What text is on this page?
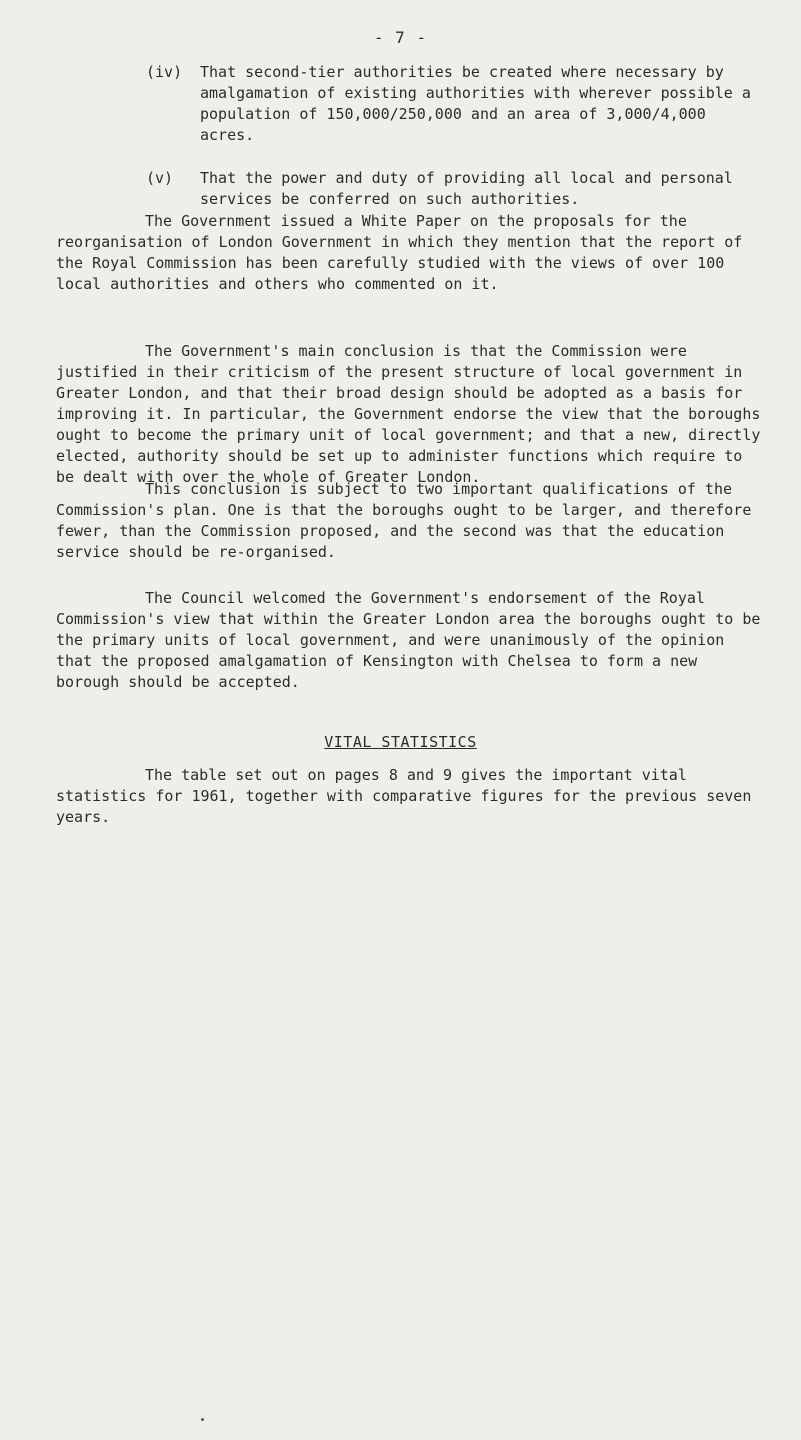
- 7 -
(iv)	That second-tier authorities be created where necessary by amalgamation of existing authorities with wherever possible a population of 150,000/250,000 and an area of 3,000/4,000 acres.
(v)	That the power and duty of providing all local and personal services be conferred on such authorities.

The Government issued a White Paper on the proposals for the reorganisation of London Government in which they mention that the report of the Royal Commission has been carefully studied with the views of over 100 local authorities and others who commented on it.

The Government's main conclusion is that the Commission were justified in their criticism of the present structure of local government in Greater London, and that their broad design should be adopted as a basis for improving it. In particular, the Government endorse the view that the boroughs ought to become the primary unit of local government; and that a new, directly elected, authority should be set up to administer functions which require to be dealt with over the whole of Greater London.

This conclusion is subject to two important qualifications of the Commission's plan. One is that the boroughs ought to be larger, and therefore fewer, than the Commission proposed, and the second was that the education service should be re-organised.

The Council welcomed the Government's endorsement of the Royal Commission's view that within the Greater London area the boroughs ought to be the primary units of local government, and were unanimously of the opinion that the proposed amalgamation of Kensington with Chelsea to form a new borough should be accepted.

VITAL STATISTICS

The table set out on pages 8 and 9 gives the important vital statistics for 1961, together with comparative figures for the previous seven years.
